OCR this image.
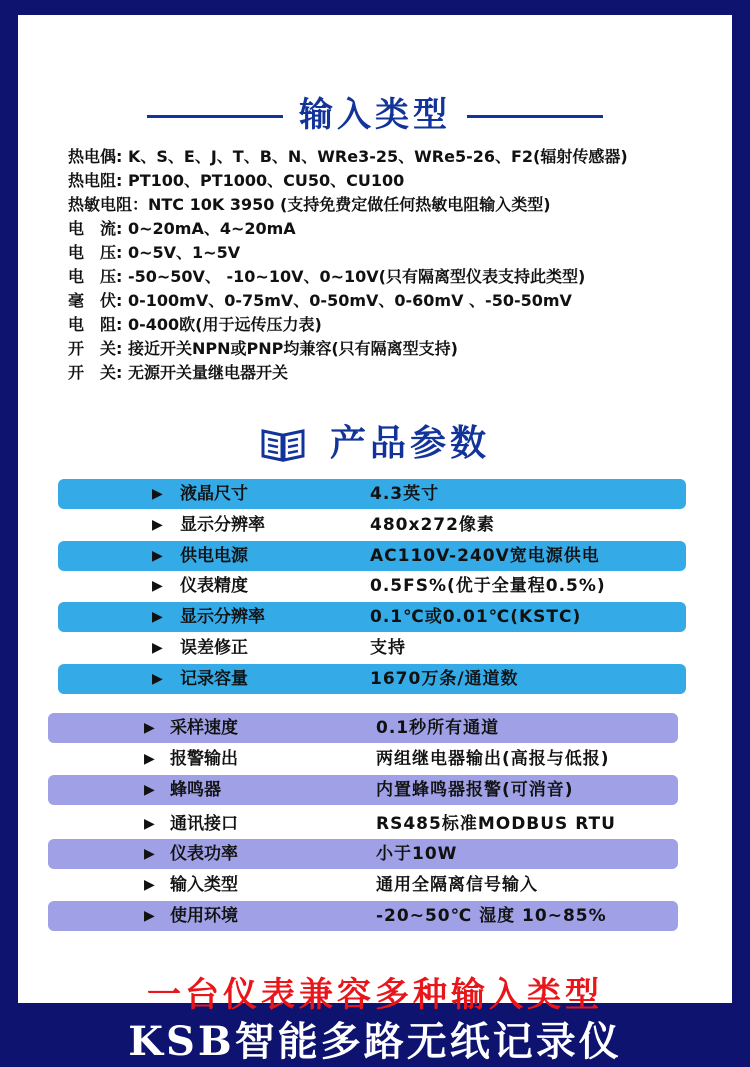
输入类型
热电偶: K、S、E、J、T、B、N、WRe3-25、WRe5-26、F2(辐射传感器)
热电阻: PT100、PT1000、CU50、CU100
热敏电阻：NTC 10K 3950 (支持免费定做任何热敏电阻输入类型)
电　流: 0~20mA、4~20mA
电　压: 0~5V、1~5V
电　压: -50~50V、 -10~10V、0~10V(只有隔离型仪表支持此类型)
毫　伏: 0-100mV、0-75mV、0-50mV、0-60mV 、-50-50mV
电　阻: 0-400欧(用于远传压力表)
开　关: 接近开关NPN或PNP均兼容(只有隔离型支持)
开　关: 无源开关量继电器开关
产品参数
▶ 液晶尺寸	4.3英寸
▶ 显示分辨率	480x272像素
▶ 供电电源	AC110V-240V宽电源供电
▶ 仪表精度	0.5FS%(优于全量程0.5%)
▶ 显示分辨率	0.1℃或0.01℃(KSTC)
▶ 误差修正	支持
▶ 记录容量	1670万条/通道数
▶ 采样速度	0.1秒所有通道
▶ 报警输出	两组继电器输出(高报与低报)
▶ 蜂鸣器	内置蜂鸣器报警(可消音)
▶ 通讯接口	RS485标准MODBUS RTU
▶ 仪表功率	小于10W
▶ 输入类型	通用全隔离信号输入
▶ 使用环境	-20~50℃ 湿度 10~85%
一台仪表兼容多种输入类型
KSB智能多路无纸记录仪
